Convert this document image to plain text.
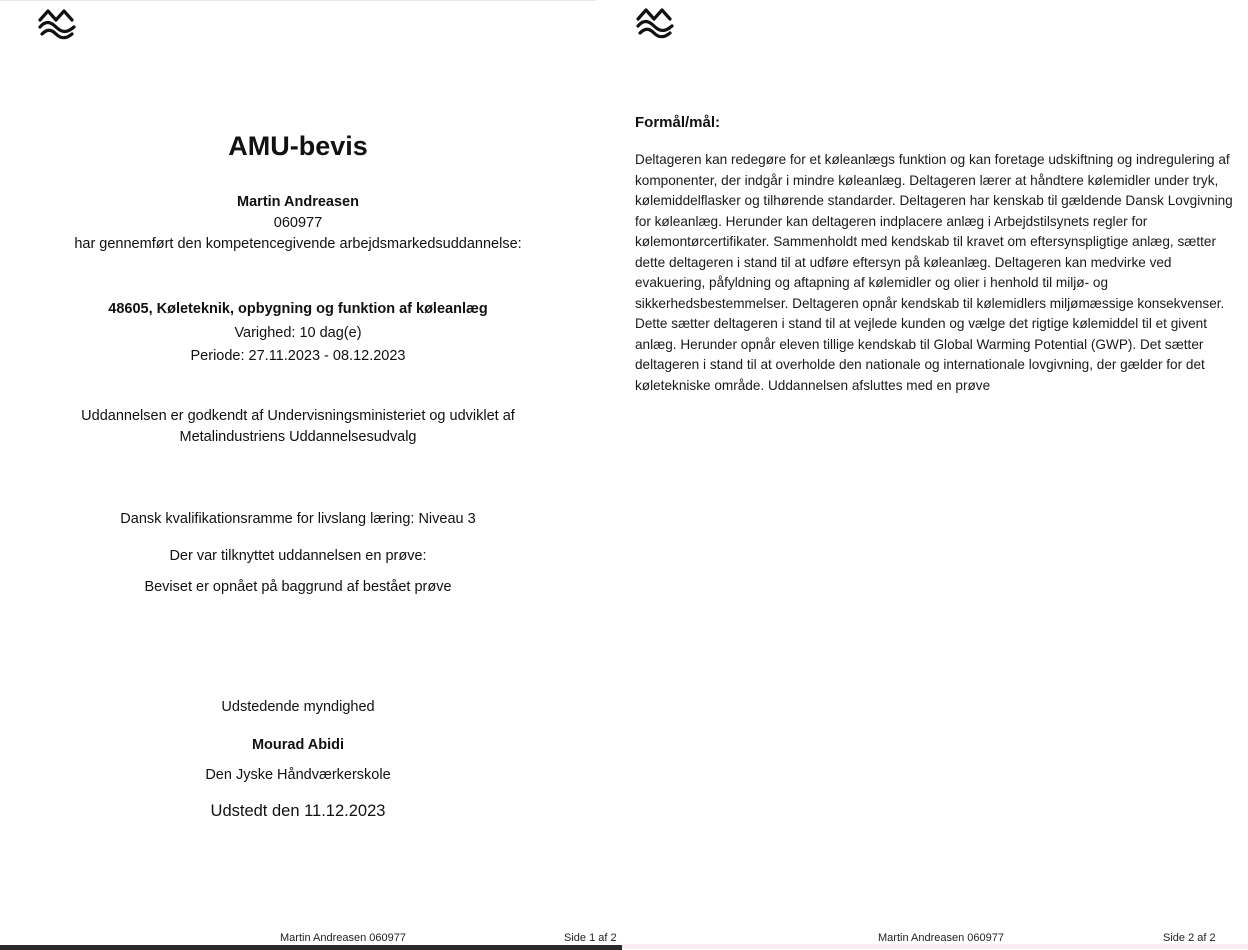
AMU-bevis
Martin Andreasen
060977
har gennemført den kompetencegivende arbejdsmarkedsuddannelse:
48605, Køleteknik, opbygning og funktion af køleanlæg
Varighed: 10 dag(e)
Periode: 27.11.2023 - 08.12.2023
Uddannelsen er godkendt af Undervisningsministeriet og udviklet af
Metalindustriens Uddannelsesudvalg
Dansk kvalifikationsramme for livslang læring: Niveau 3
Der var tilknyttet uddannelsen en prøve:
Beviset er opnået på baggrund af bestået prøve
Udstedende myndighed
Mourad Abidi
Den Jyske Håndværkerskole
Udstedt den 11.12.2023
Martin Andreasen 060977	Side 1 af 2
Formål/mål:
Deltageren kan redegøre for et køleanlægs funktion og kan foretage udskiftning og indregulering af komponenter, der indgår i mindre køleanlæg. Deltageren lærer at håndtere kølemidler under tryk, kølemiddelflasker og tilhørende standarder. Deltageren har kenskab til gældende Dansk Lovgivning for køleanlæg. Herunder kan deltageren indplacere anlæg i Arbejdstilsynets regler for kølemontørcertifikater. Sammenholdt med kendskab til kravet om eftersynspligtige anlæg, sætter dette deltageren i stand til at udføre eftersyn på køleanlæg. Deltageren kan medvirke ved evakuering, påfyldning og aftapning af kølemidler og olier i henhold til miljø- og sikkerhedsbestemmelser. Deltageren opnår kendskab til kølemidlers miljømæssige konsekvenser. Dette sætter deltageren i stand til at vejlede kunden og vælge det rigtige kølemiddel til et givent anlæg. Herunder opnår eleven tillige kendskab til Global Warming Potential (GWP). Det sætter deltageren i stand til at overholde den nationale og internationale lovgivning, der gælder for det køletekniske område. Uddannelsen afsluttes med en prøve
Martin Andreasen 060977	Side 2 af 2
